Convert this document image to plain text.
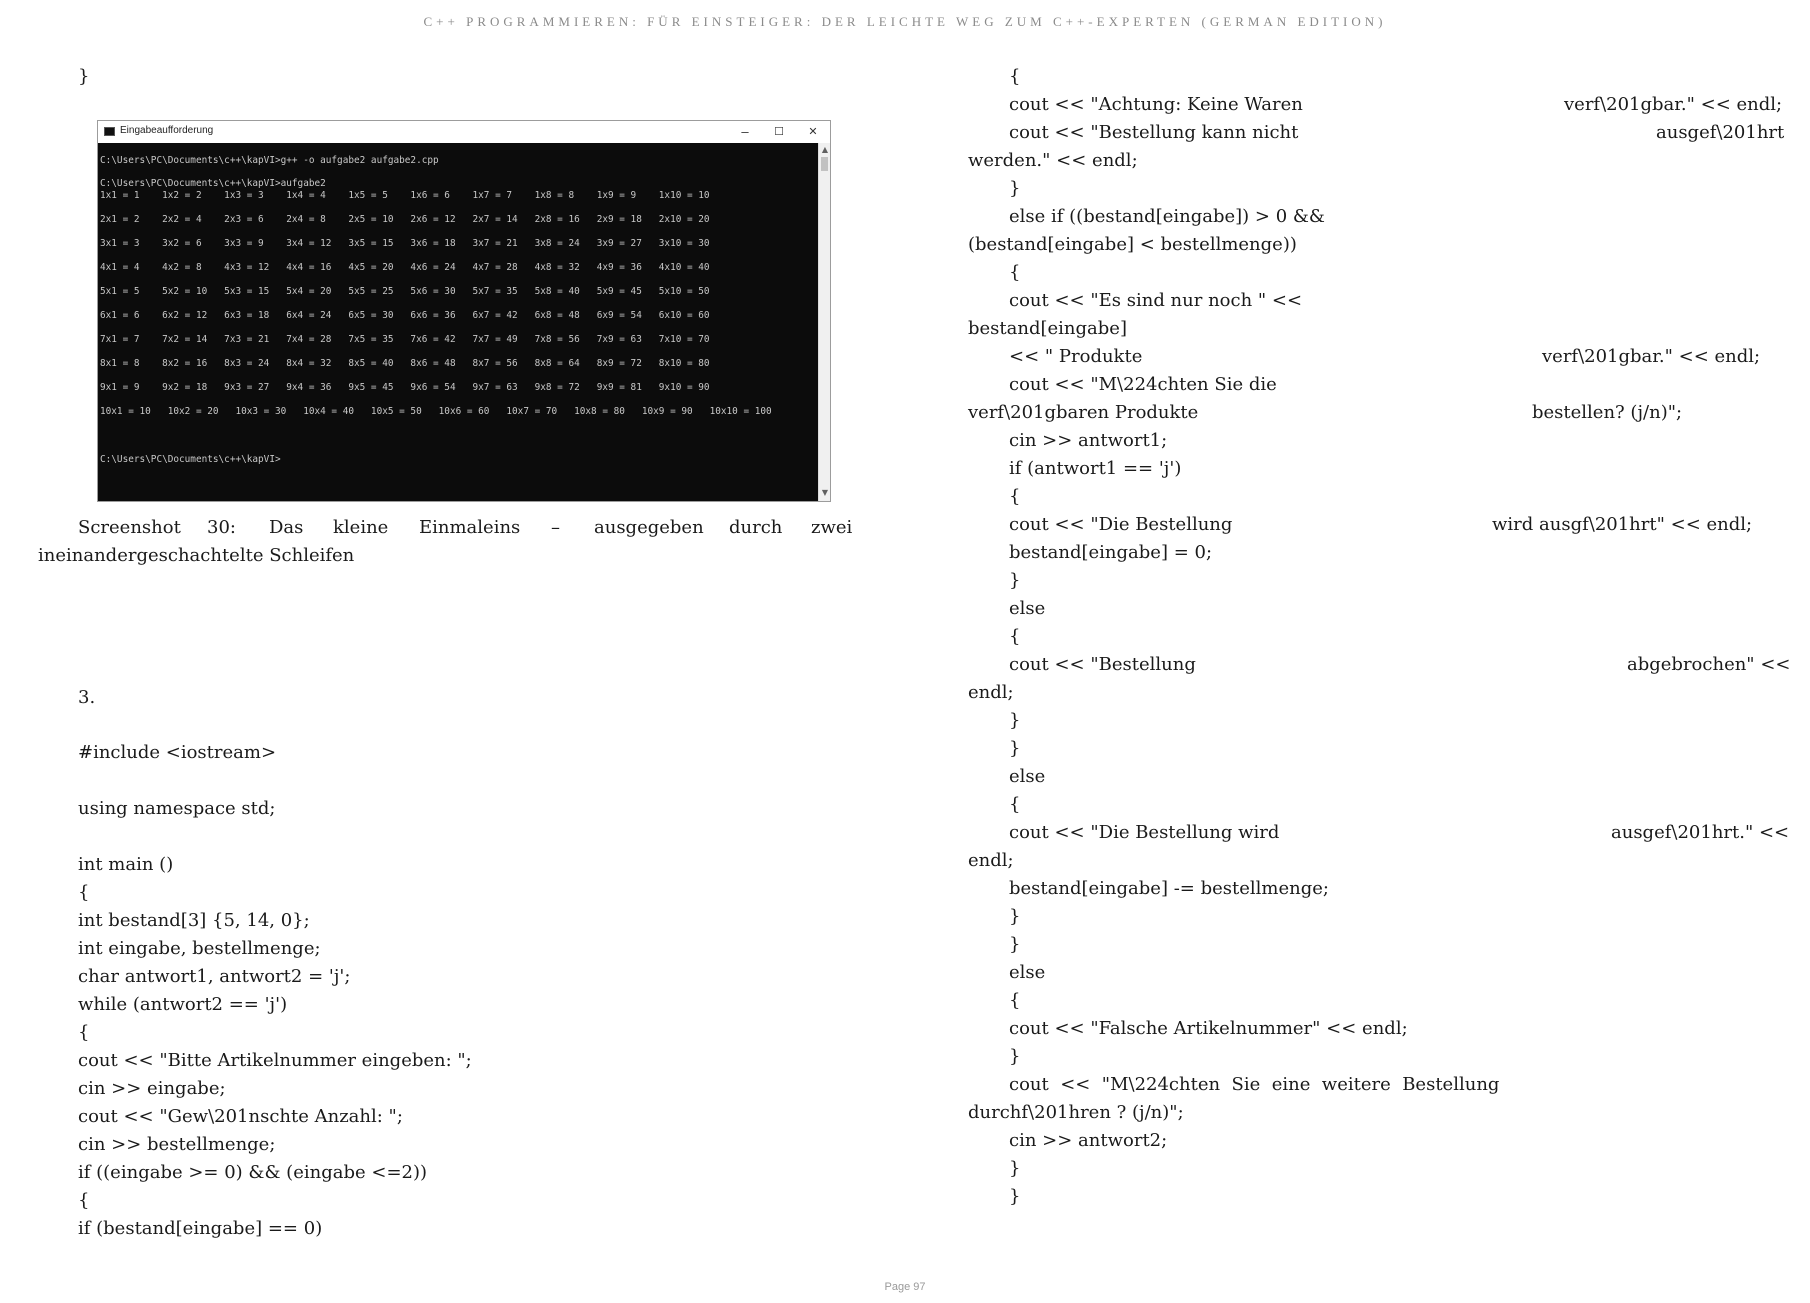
C++ PROGRAMMIEREN: FÜR EINSTEIGER: DER LEICHTE WEG ZUM C++-EXPERTEN (GERMAN EDITION)
}
Eingabeaufforderung	–	☐	✕
C:\Users\PC\Documents\c++\kapVI>g++ -o aufgabe2 aufgabe2.cpp
C:\Users\PC\Documents\c++\kapVI>aufgabe2
1x1 = 1    1x2 = 2    1x3 = 3    1x4 = 4    1x5 = 5    1x6 = 6    1x7 = 7    1x8 = 8    1x9 = 9    1x10 = 10
2x1 = 2    2x2 = 4    2x3 = 6    2x4 = 8    2x5 = 10   2x6 = 12   2x7 = 14   2x8 = 16   2x9 = 18   2x10 = 20
3x1 = 3    3x2 = 6    3x3 = 9    3x4 = 12   3x5 = 15   3x6 = 18   3x7 = 21   3x8 = 24   3x9 = 27   3x10 = 30
4x1 = 4    4x2 = 8    4x3 = 12   4x4 = 16   4x5 = 20   4x6 = 24   4x7 = 28   4x8 = 32   4x9 = 36   4x10 = 40
5x1 = 5    5x2 = 10   5x3 = 15   5x4 = 20   5x5 = 25   5x6 = 30   5x7 = 35   5x8 = 40   5x9 = 45   5x10 = 50
6x1 = 6    6x2 = 12   6x3 = 18   6x4 = 24   6x5 = 30   6x6 = 36   6x7 = 42   6x8 = 48   6x9 = 54   6x10 = 60
7x1 = 7    7x2 = 14   7x3 = 21   7x4 = 28   7x5 = 35   7x6 = 42   7x7 = 49   7x8 = 56   7x9 = 63   7x10 = 70
8x1 = 8    8x2 = 16   8x3 = 24   8x4 = 32   8x5 = 40   8x6 = 48   8x7 = 56   8x8 = 64   8x9 = 72   8x10 = 80
9x1 = 9    9x2 = 18   9x3 = 27   9x4 = 36   9x5 = 45   9x6 = 54   9x7 = 63   9x8 = 72   9x9 = 81   9x10 = 90
10x1 = 10   10x2 = 20   10x3 = 30   10x4 = 40   10x5 = 50   10x6 = 60   10x7 = 70   10x8 = 80   10x9 = 90   10x10 = 100
C:\Users\PC\Documents\c++\kapVI>
▲
▼
Screenshot 30: Das kleine Einmaleins – ausgegeben durch zwei
ineinandergeschachtelte Schleifen
3.
#include <iostream>
using namespace std;
int main ()
{
int bestand[3] {5, 14, 0};
int eingabe, bestellmenge;
char antwort1, antwort2 = 'j';
while (antwort2 == 'j')
{
cout << "Bitte Artikelnummer eingeben: ";
cin >> eingabe;
cout << "Gew\201nschte Anzahl: ";
cin >> bestellmenge;
if ((eingabe >= 0) && (eingabe <=2))
{
if (bestand[eingabe] == 0)
{
cout << "Achtung: Keine Waren	verf\201gbar." << endl;
cout << "Bestellung kann nicht	ausgef\201hrt
werden." << endl;
}
else if ((bestand[eingabe]) > 0 &&
(bestand[eingabe] < bestellmenge))
{
cout << "Es sind nur noch " <<
bestand[eingabe]
<< " Produkte	verf\201gbar." << endl;
cout << "M\224chten Sie die
verf\201gbaren Produkte	bestellen? (j/n)";
cin >> antwort1;
if (antwort1 == 'j')
{
cout << "Die Bestellung	wird ausgf\201hrt" << endl;
bestand[eingabe] = 0;
}
else
{
cout << "Bestellung	abgebrochen" <<
endl;
}
}
else
{
cout << "Die Bestellung wird	ausgef\201hrt." <<
endl;
bestand[eingabe] -= bestellmenge;
}
}
else
{
cout << "Falsche Artikelnummer" << endl;
}
cout  <<  "M\224chten  Sie  eine  weitere  Bestellung
durchf\201hren ? (j/n)";
cin >> antwort2;
}
}
Page 97
